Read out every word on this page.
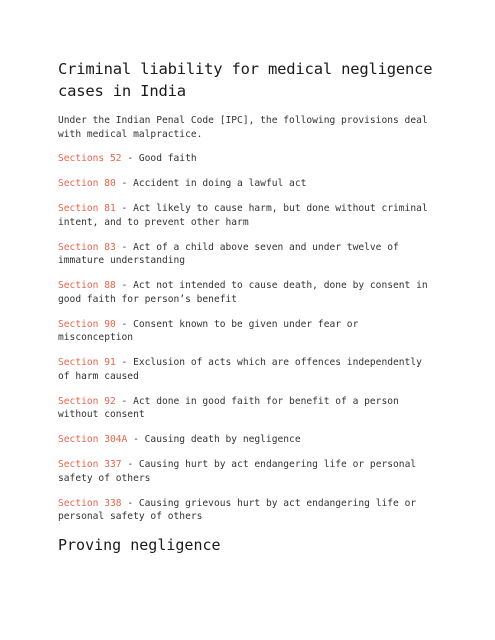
Criminal liability for medical negligence cases in India

Under the Indian Penal Code [IPC], the following provisions deal with medical malpractice.

Sections 52 - Good faith

Section 80 - Accident in doing a lawful act

Section 81 - Act likely to cause harm, but done without criminal intent, and to prevent other harm

Section 83 - Act of a child above seven and under twelve of immature understanding

Section 88 - Act not intended to cause death, done by consent in good faith for person’s benefit

Section 90 - Consent known to be given under fear or misconception

Section 91 - Exclusion of acts which are offences independently of harm caused

Section 92 - Act done in good faith for benefit of a person without consent

Section 304A - Causing death by negligence

Section 337 - Causing hurt by act endangering life or personal safety of others

Section 338 - Causing grievous hurt by act endangering life or personal safety of others

Proving negligence
